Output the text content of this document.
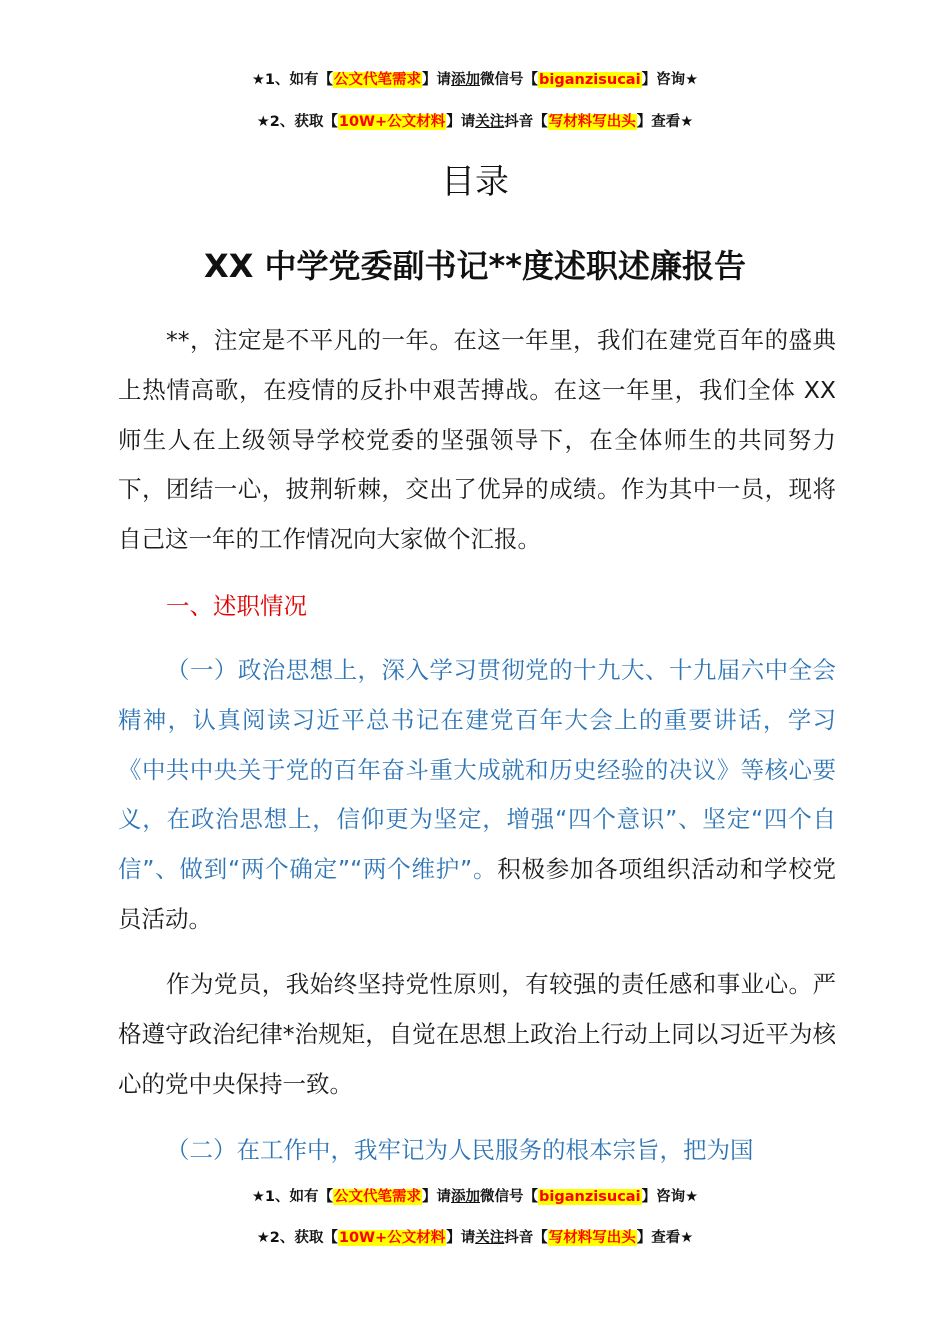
★1、如有【公文代笔需求】请添加微信号【biganzisucai】咨询★
★2、获取【10W+公文材料】请关注抖音【写材料写出头】查看★
目录
XX 中学党委副书记**度述职述廉报告
**，注定是不平凡的一年。在这一年里，我们在建党百年的盛典上热情高歌，在疫情的反扑中艰苦搏战。在这一年里，我们全体 XX 师生人在上级领导学校党委的坚强领导下，在全体师生的共同努力下，团结一心，披荆斩棘，交出了优异的成绩。作为其中一员，现将自己这一年的工作情况向大家做个汇报。
一、述职情况
（一）政治思想上，深入学习贯彻党的十九大、十九届六中全会精神，认真阅读习近平总书记在建党百年大会上的重要讲话，学习《中共中央关于党的百年奋斗重大成就和历史经验的决议》等核心要义，在政治思想上，信仰更为坚定，增强“四个意识”、坚定“四个自信”、做到“两个确定”“两个维护”。积极参加各项组织活动和学校党员活动。
作为党员，我始终坚持党性原则，有较强的责任感和事业心。严格遵守政治纪律*治规矩，自觉在思想上政治上行动上同以习近平为核心的党中央保持一致。
（二）在工作中，我牢记为人民服务的根本宗旨，把为国
★1、如有【公文代笔需求】请添加微信号【biganzisucai】咨询★
★2、获取【10W+公文材料】请关注抖音【写材料写出头】查看★
